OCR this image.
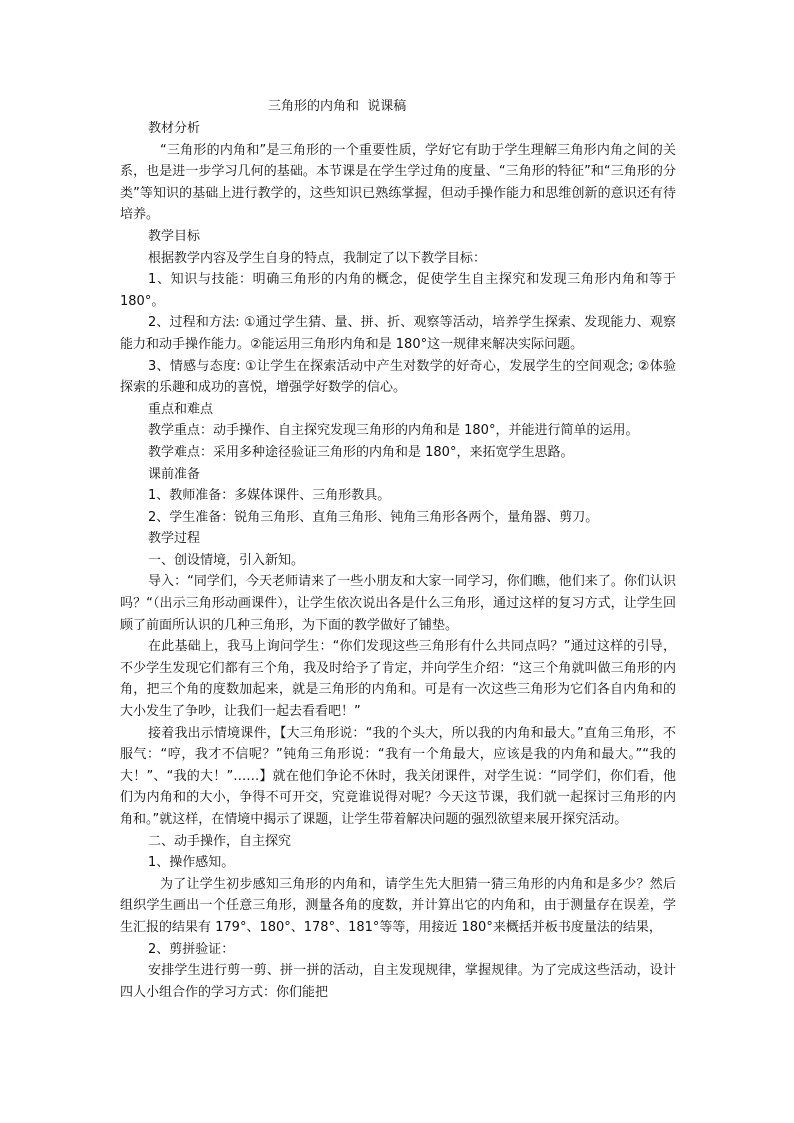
三角形的内角和  说课稿
教材分析

“三角形的内角和”是三角形的一个重要性质，学好它有助于学生理解三角形内角之间的关系，也是进一步学习几何的基础。本节课是在学生学过角的度量、“三角形的特征”和“三角形的分类”等知识的基础上进行教学的，这些知识已熟练掌握，但动手操作能力和思维创新的意识还有待培养。

教学目标

根据教学内容及学生自身的特点，我制定了以下教学目标：

1、知识与技能：明确三角形的内角的概念，促使学生自主探究和发现三角形内角和等于 180°。

2、过程和方法: ①通过学生猜、量、拼、折、观察等活动，培养学生探索、发现能力、观察能力和动手操作能力。②能运用三角形内角和是 180°这一规律来解决实际问题。

3、情感与态度: ①让学生在探索活动中产生对数学的好奇心，发展学生的空间观念; ②体验探索的乐趣和成功的喜悦，增强学好数学的信心。

重点和难点

教学重点：动手操作、自主探究发现三角形的内角和是 180°，并能进行简单的运用。

教学难点：采用多种途径验证三角形的内角和是 180°，来拓宽学生思路。

课前准备

1、教师准备：多媒体课件、三角形教具。

2、学生准备：锐角三角形、直角三角形、钝角三角形各两个，量角器、剪刀。

教学过程
一、创设情境，引入新知。

导入：“同学们，今天老师请来了一些小朋友和大家一同学习，你们瞧，他们来了。你们认识吗？“（出示三角形动画课件），让学生依次说出各是什么三角形，通过这样的复习方式，让学生回顾了前面所认识的几种三角形，为下面的教学做好了铺垫。

在此基础上，我马上询问学生：“你们发现这些三角形有什么共同点吗？”通过这样的引导，不少学生发现它们都有三个角，我及时给予了肯定，并向学生介绍：“这三个角就叫做三角形的内角，把三个角的度数加起来，就是三角形的内角和。可是有一次这些三角形为它们各自内角和的大小发生了争吵，让我们一起去看看吧！”

接着我出示情境课件，【大三角形说：“我的个头大，所以我的内角和最大。”直角三角形，不服气：“哼，我才不信呢？”钝角三角形说：“我有一个角最大，应该是我的内角和最大。”“我的大！”、“我的大！”……】就在他们争论不休时，我关闭课件，对学生说：“同学们，你们看，他们为内角和的大小，争得不可开交，究竟谁说得对呢？今天这节课，我们就一起探讨三角形的内角和。”就这样，在情境中揭示了课题，让学生带着解决问题的强烈欲望来展开探究活动。

二、动手操作，自主探究
1、操作感知。

为了让学生初步感知三角形的内角和，请学生先大胆猜一猜三角形的内角和是多少？然后组织学生画出一个任意三角形，测量各角的度数，并计算出它的内角和，由于测量存在误差，学生汇报的结果有 179°、180°、178°、181°等等，用接近 180°来概括并板书度量法的结果，

2、剪拼验证：

安排学生进行剪一剪、拼一拼的活动，自主发现规律，掌握规律。为了完成这些活动，设计四人小组合作的学习方式：你们能把
